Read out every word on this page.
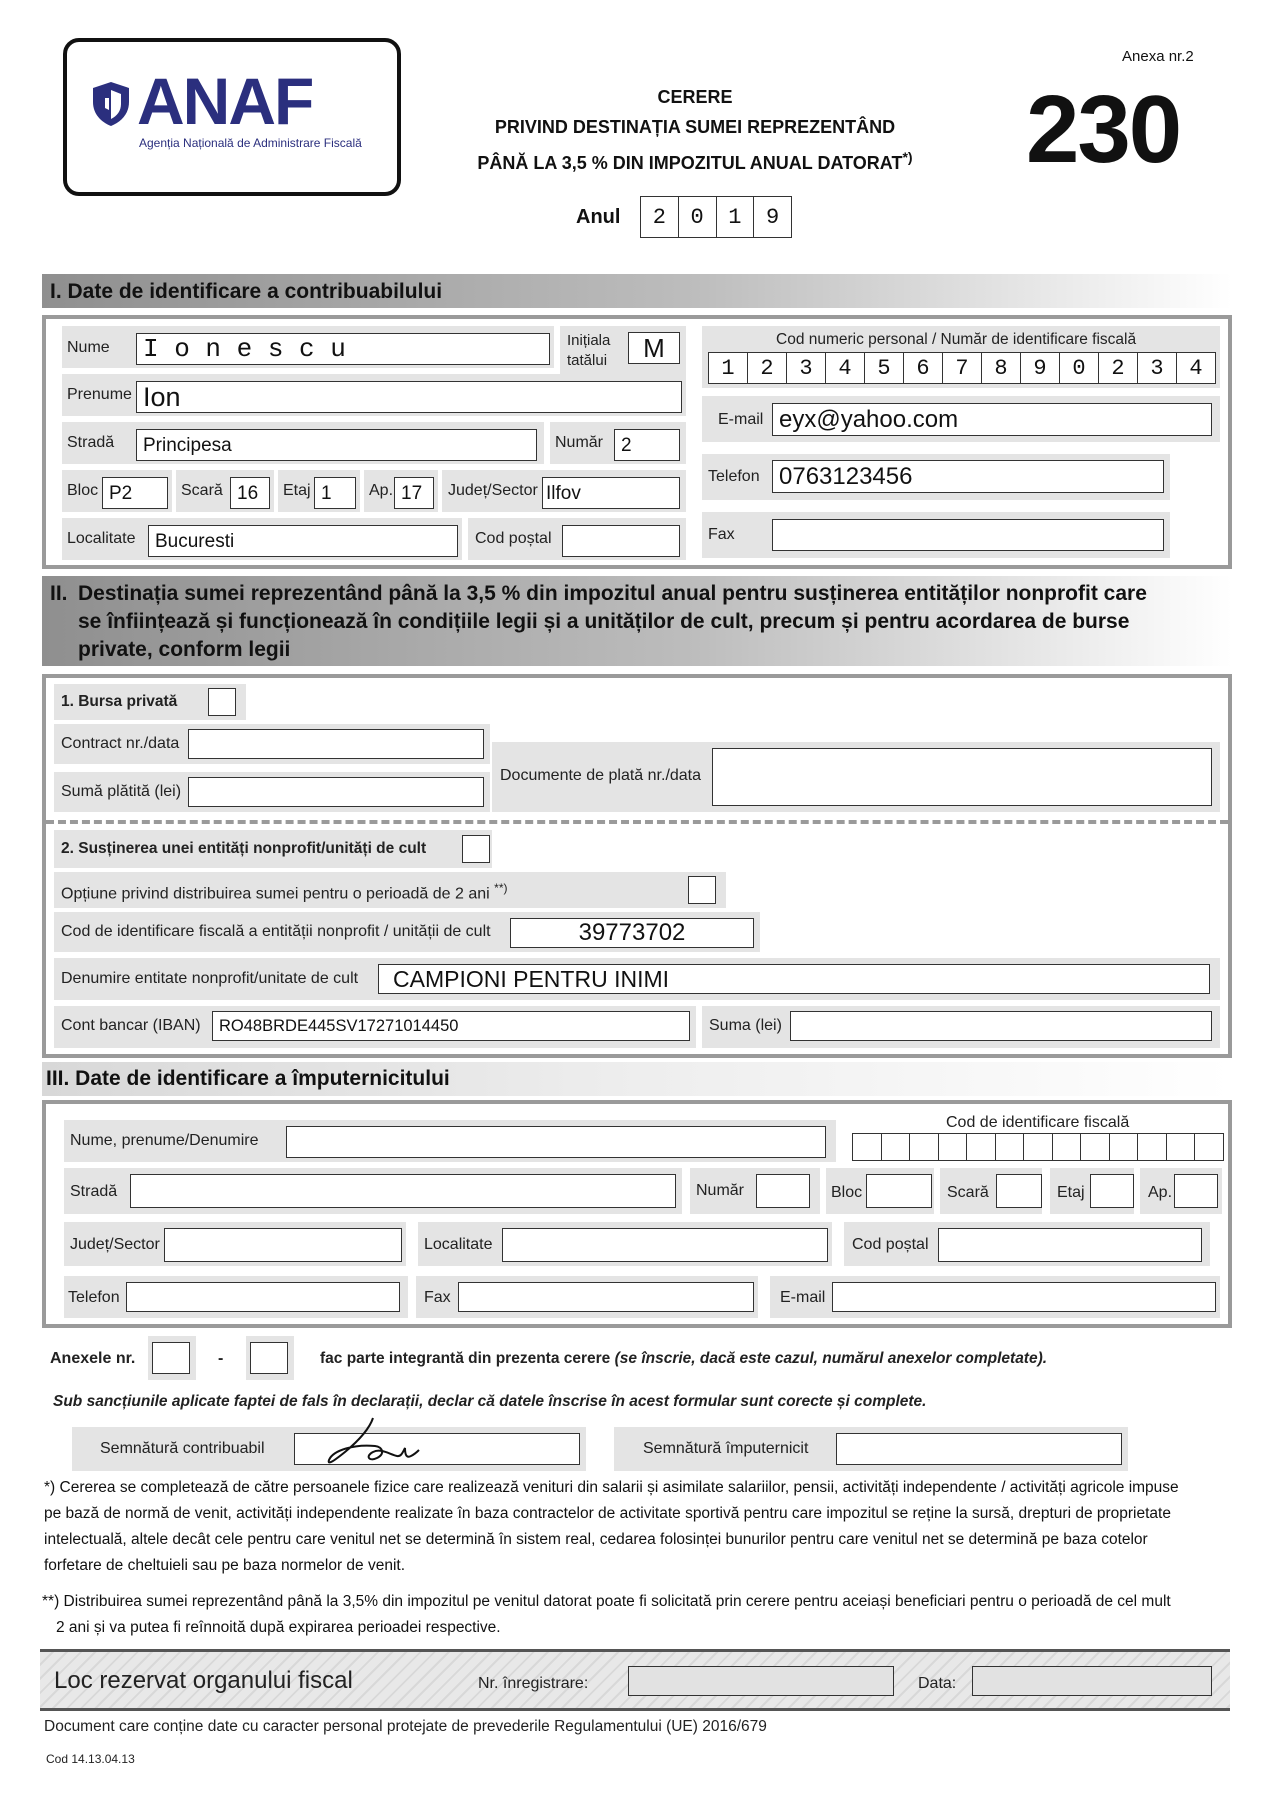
ANAF
Agenția Națională de Administrare Fiscală
Anexa nr.2
CERERE
PRIVIND DESTINAȚIA SUMEI REPREZENTÂND
PÂNĂ LA 3,5 % DIN IMPOZITUL ANUAL DATORAT*)	230
Anul	2	0	1	9
I. Date de identificare a contribuabilului
Nume I o n e s c u	Inițiala
tatălui	M
Prenume Ion
Stradă	Principesa	Număr 2
Bloc P2	Scară 16	Etaj 1	Ap. 17	Județ/Sector Ilfov
Localitate	Bucuresti	Cod poștal
Cod numeric personal / Număr de identificare fiscală
1	2	3	4	5	6	7	8	9	0	2	3	4
E-mail eyx@yahoo.com
Telefon 0763123456
Fax
II. Destinația sumei reprezentând până la 3,5 % din impozitul anual pentru susținerea entităților nonprofit care
se înființează și funcționează în condițiile legii și a unităților de cult, precum și pentru acordarea de burse
private, conform legii
1. Bursa privată
Contract nr./data
Sumă plătită (lei)
Documente de plată nr./data
2. Susținerea unei entități nonprofit/unități de cult
Opțiune privind distribuirea sumei pentru o perioadă de 2 ani **)
Cod de identificare fiscală a entității nonprofit / unității de cult	39773702
Denumire entitate nonprofit/unitate de cult	CAMPIONI PENTRU INIMI
Cont bancar (IBAN)	RO48BRDE445SV17271014450	Suma (lei)
III. Date de identificare a împuternicitului
Nume, prenume/Denumire
Cod de identificare fiscală
Stradă	Număr	Bloc	Scară	Etaj	Ap.
Județ/Sector	Localitate	Cod poștal
Telefon	Fax	E-mail
Anexele nr.	-	fac parte integrantă din prezenta cerere (se înscrie, dacă este cazul, numărul anexelor completate).
Sub sancțiunile aplicate faptei de fals în declarații, declar că datele înscrise în acest formular sunt corecte și complete.
Semnătură contribuabil	Semnătură împuternicit
*) Cererea se completează de către persoanele fizice care realizează venituri din salarii și asimilate salariilor, pensii, activități independente / activități agricole impuse
pe bază de normă de venit, activități independente realizate în baza contractelor de activitate sportivă pentru care impozitul se reține la sursă, drepturi de proprietate
intelectuală, altele decât cele pentru care venitul net se determină în sistem real, cedarea folosinței bunurilor pentru care venitul net se determină pe baza cotelor
forfetare de cheltuieli sau pe baza normelor de venit.
**) Distribuirea sumei reprezentând până la 3,5% din impozitul pe venitul datorat poate fi solicitată prin cerere pentru aceiași beneficiari pentru o perioadă de cel mult
2 ani și va putea fi reînnoită după expirarea perioadei respective.
Loc rezervat organului fiscal	Nr. înregistrare:	Data:
Document care conține date cu caracter personal protejate de prevederile Regulamentului (UE) 2016/679
Cod 14.13.04.13
